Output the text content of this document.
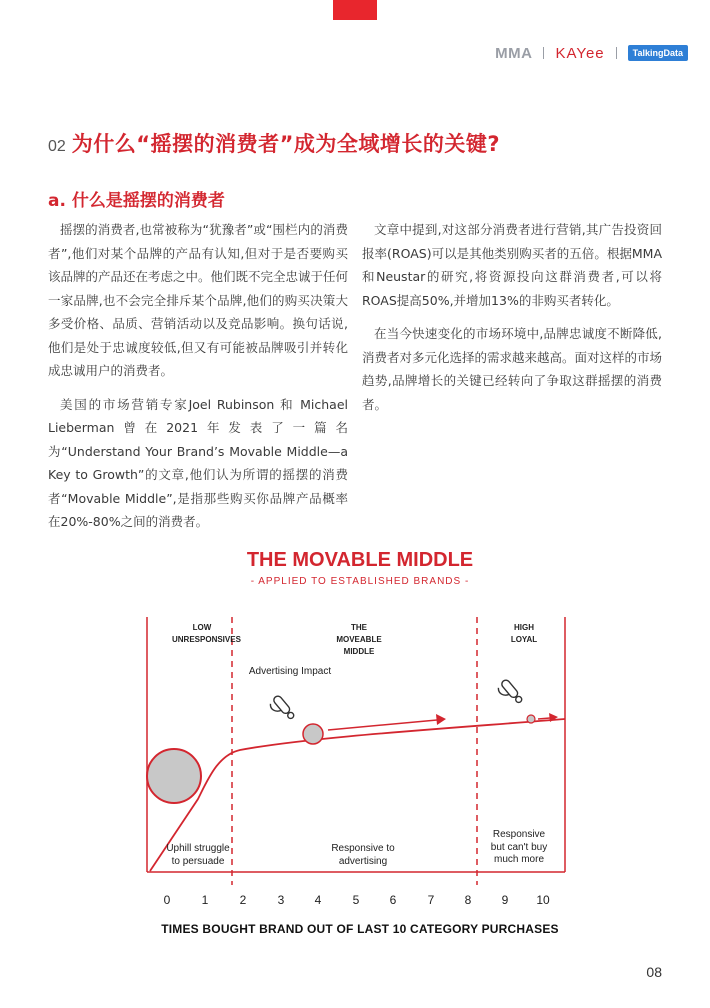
MMA KAYee	TalkingData
02 为什么“摇摆的消费者”成为全域增长的关键?
a. 什么是摇摆的消费者

摇摆的消费者,也常被称为“犹豫者”或“围栏内的消费者”,他们对某个品牌的产品有认知,但对于是否要购买该品牌的产品还在考虑之中。他们既不完全忠诚于任何一家品牌,也不会完全排斥某个品牌,他们的购买决策大多受价格、品质、营销活动以及竞品影响。换句话说,他们是处于忠诚度较低,但又有可能被品牌吸引并转化成忠诚用户的消费者。

美国的市场营销专家Joel Rubinson 和 Michael Lieberman曾在2021年发表了一篇名为“Understand Your Brand’s Movable Middle—a Key to Growth”的文章,他们认为所谓的摇摆的消费者“Movable Middle”,是指那些购买你品牌产品概率在20%-80%之间的消费者。

文章中提到,对这部分消费者进行营销,其广告投资回报率(ROAS)可以是其他类别购买者的五倍。根据MMA和Neustar的研究,将资源投向这群消费者,可以将ROAS提高50%,并增加13%的非购买者转化。

在当今快速变化的市场环境中,品牌忠诚度不断降低,消费者对多元化选择的需求越来越高。面对这样的市场趋势,品牌增长的关键已经转向了争取这群摇摆的消费者。

THE MOVABLE MIDDLE
- APPLIED TO ESTABLISHED BRANDS -
LOW UNRESPONSIVES
THE MOVEABLE MIDDLE
HIGH LOYAL
Advertising Impact
Uphill struggle to persuade
Responsive to advertising
Responsive but can't buy much more
0	1	2	3	4	5	6	7	8	9	10
TIMES BOUGHT BRAND OUT OF LAST 10 CATEGORY PURCHASES
08
